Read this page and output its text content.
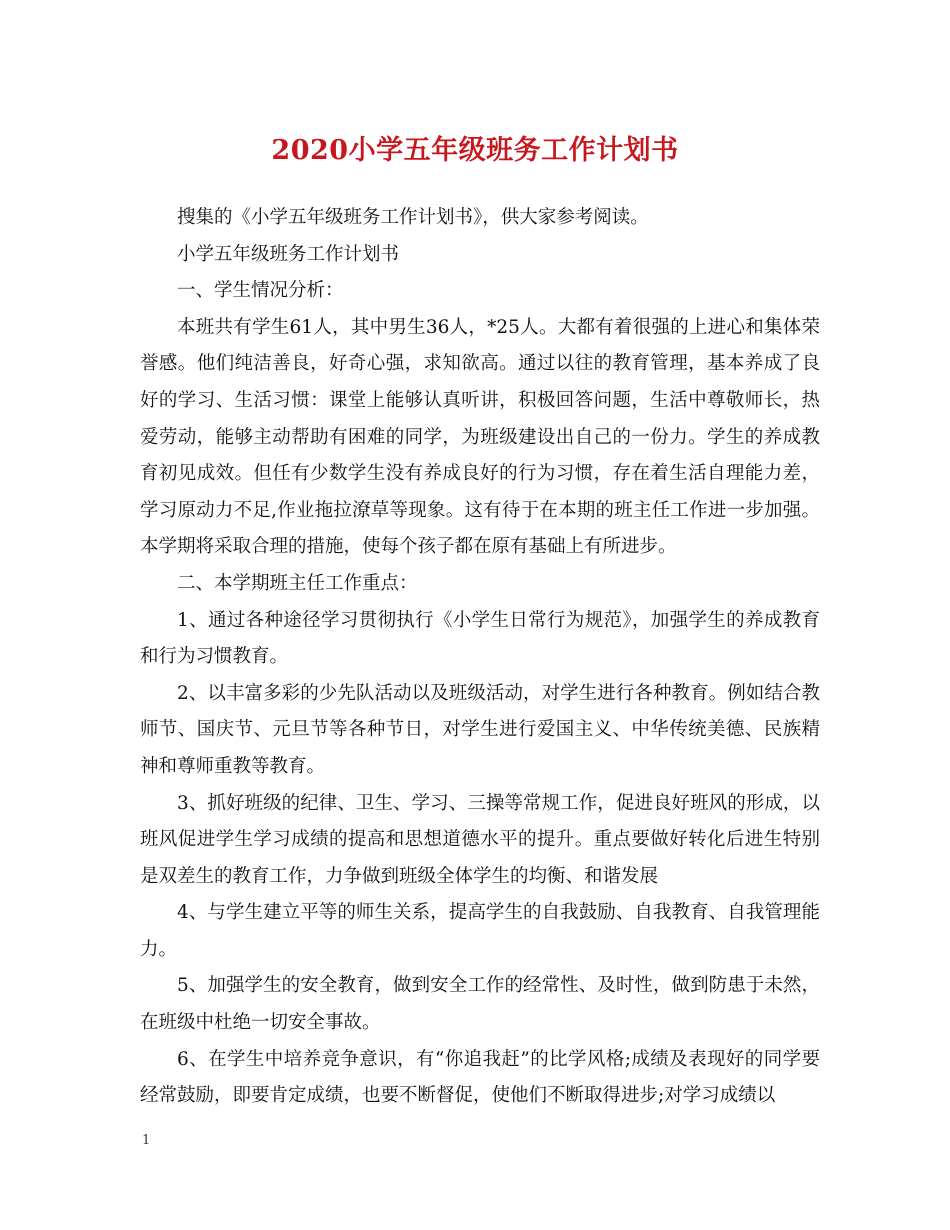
2020小学五年级班务工作计划书

搜集的《小学五年级班务工作计划书》，供大家参考阅读。

小学五年级班务工作计划书

一、学生情况分析：

本班共有学生61人，其中男生36人，*25人。大都有着很强的上进心和集体荣誉感。他们纯洁善良，好奇心强，求知欲高。通过以往的教育管理，基本养成了良好的学习、生活习惯：课堂上能够认真听讲，积极回答问题，生活中尊敬师长，热爱劳动，能够主动帮助有困难的同学，为班级建设出自己的一份力。学生的养成教育初见成效。但任有少数学生没有养成良好的行为习惯，存在着生活自理能力差，学习原动力不足,作业拖拉潦草等现象。这有待于在本期的班主任工作进一步加强。本学期将采取合理的措施，使每个孩子都在原有基础上有所进步。

二、本学期班主任工作重点：

1、通过各种途径学习贯彻执行《小学生日常行为规范》，加强学生的养成教育和行为习惯教育。

2、以丰富多彩的少先队活动以及班级活动，对学生进行各种教育。例如结合教师节、国庆节、元旦节等各种节日，对学生进行爱国主义、中华传统美德、民族精神和尊师重教等教育。

3、抓好班级的纪律、卫生、学习、三操等常规工作，促进良好班风的形成，以班风促进学生学习成绩的提高和思想道德水平的提升。重点要做好转化后进生特别是双差生的教育工作，力争做到班级全体学生的均衡、和谐发展

4、与学生建立平等的师生关系，提高学生的自我鼓励、自我教育、自我管理能力。

5、加强学生的安全教育，做到安全工作的经常性、及时性，做到防患于未然，在班级中杜绝一切安全事故。

6、在学生中培养竞争意识，有“你追我赶”的比学风格;成绩及表现好的同学要经常鼓励，即要肯定成绩，也要不断督促，使他们不断取得进步;对学习成绩以

1
